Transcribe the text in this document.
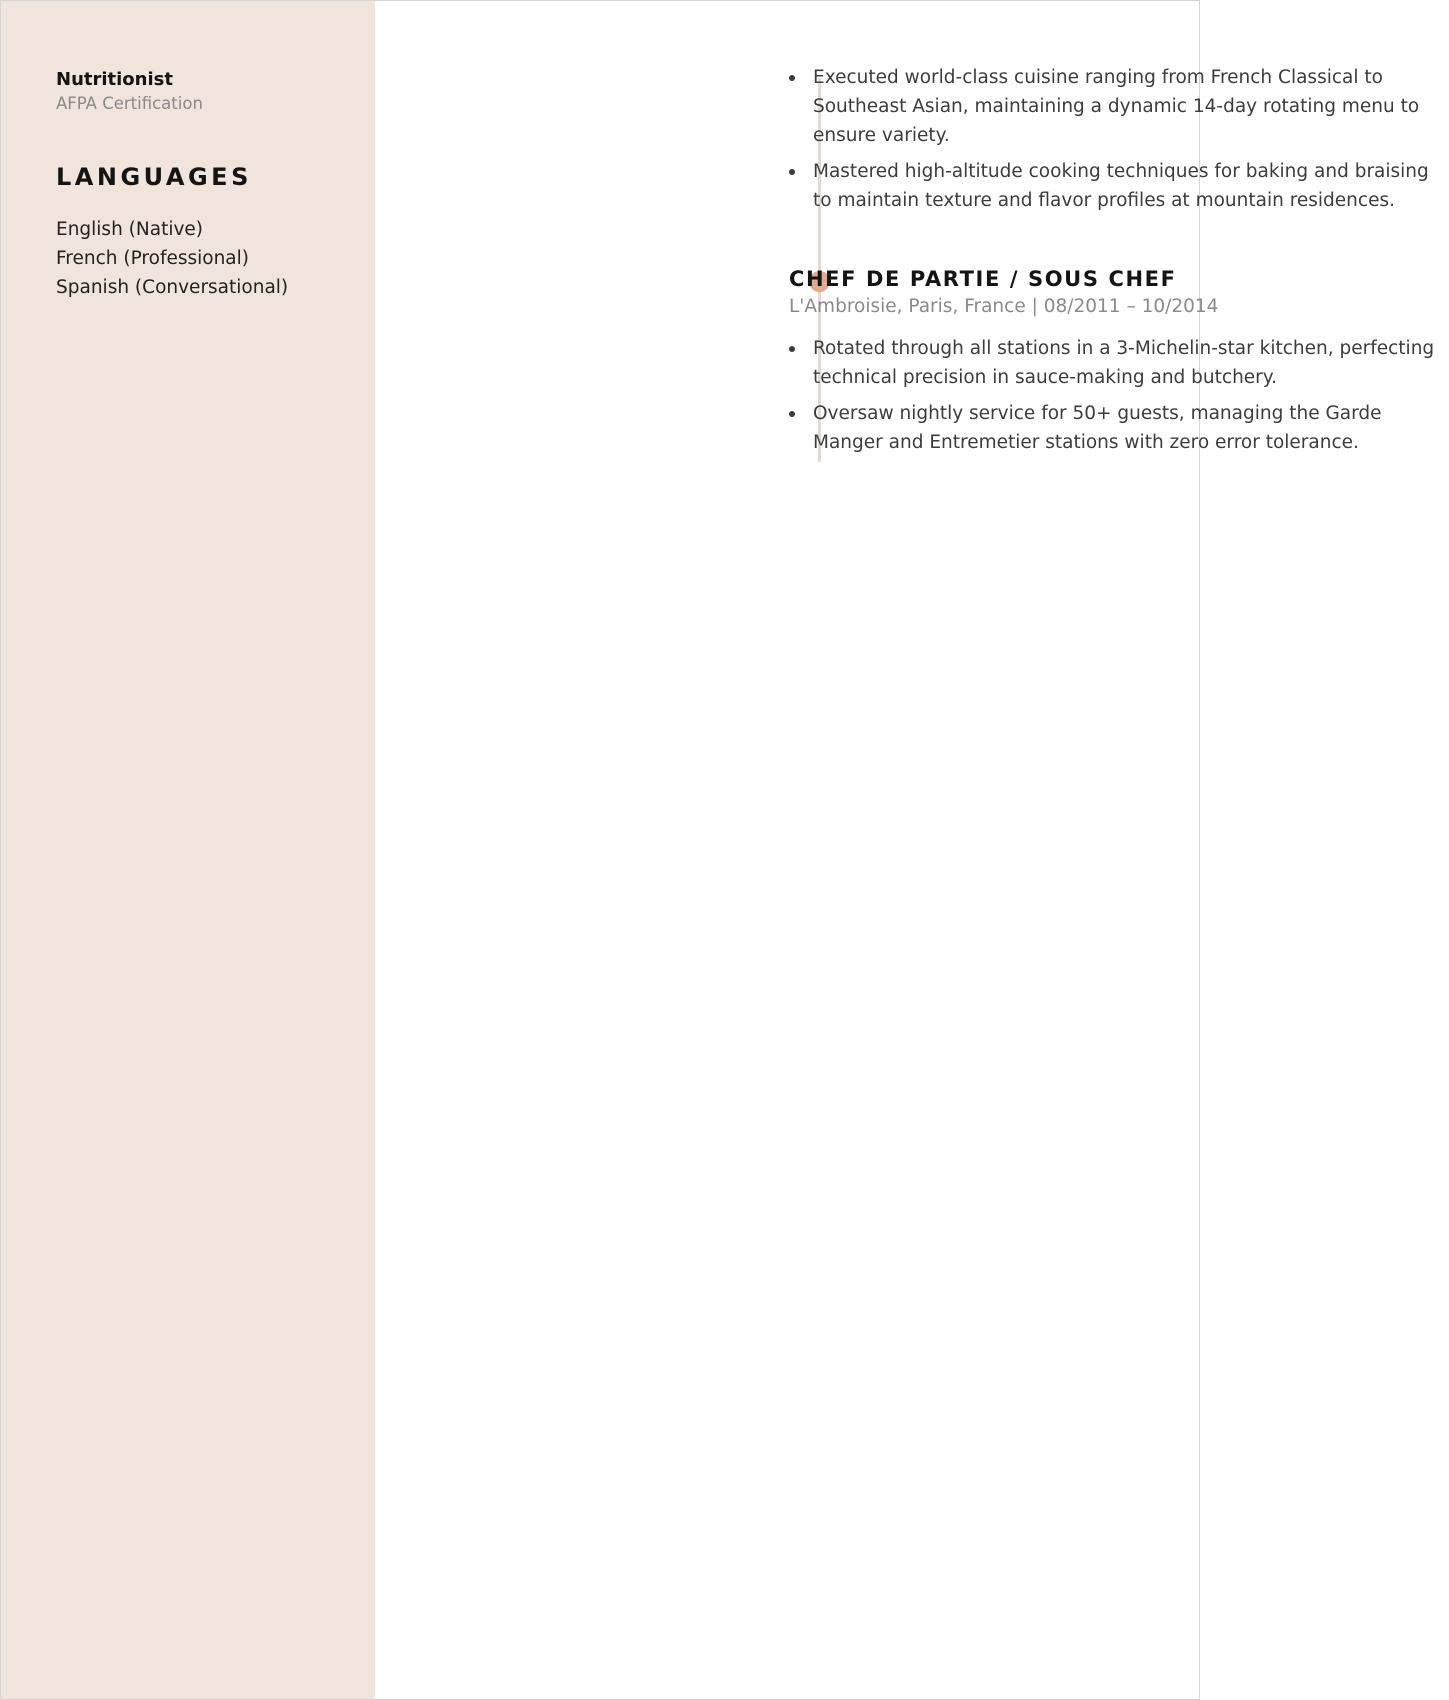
Nutritionist
AFPA Certification
LANGUAGES
English (Native)
French (Professional)
Spanish (Conversational)
Executed world-class cuisine ranging from French Classical to Southeast Asian, maintaining a dynamic 14-day rotating menu to ensure variety.
Mastered high-altitude cooking techniques for baking and braising to maintain texture and flavor profiles at mountain residences.
CHEF DE PARTIE / SOUS CHEF
L'Ambroisie, Paris, France | 08/2011 – 10/2014
Rotated through all stations in a 3-Michelin-star kitchen, perfecting technical precision in sauce-making and butchery.
Oversaw nightly service for 50+ guests, managing the Garde Manger and Entremetier stations with zero error tolerance.
